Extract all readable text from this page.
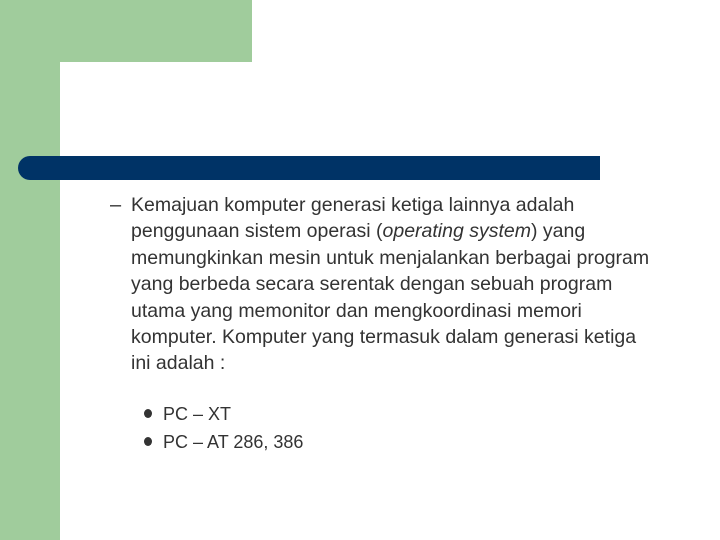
– Kemajuan komputer generasi ketiga lainnya adalah penggunaan sistem operasi (operating system) yang memungkinkan mesin untuk menjalankan berbagai program yang berbeda secara serentak dengan sebuah program utama yang memonitor dan mengkoordinasi memori komputer. Komputer yang termasuk dalam generasi ketiga ini adalah :

PC – XT
PC – AT 286, 386
